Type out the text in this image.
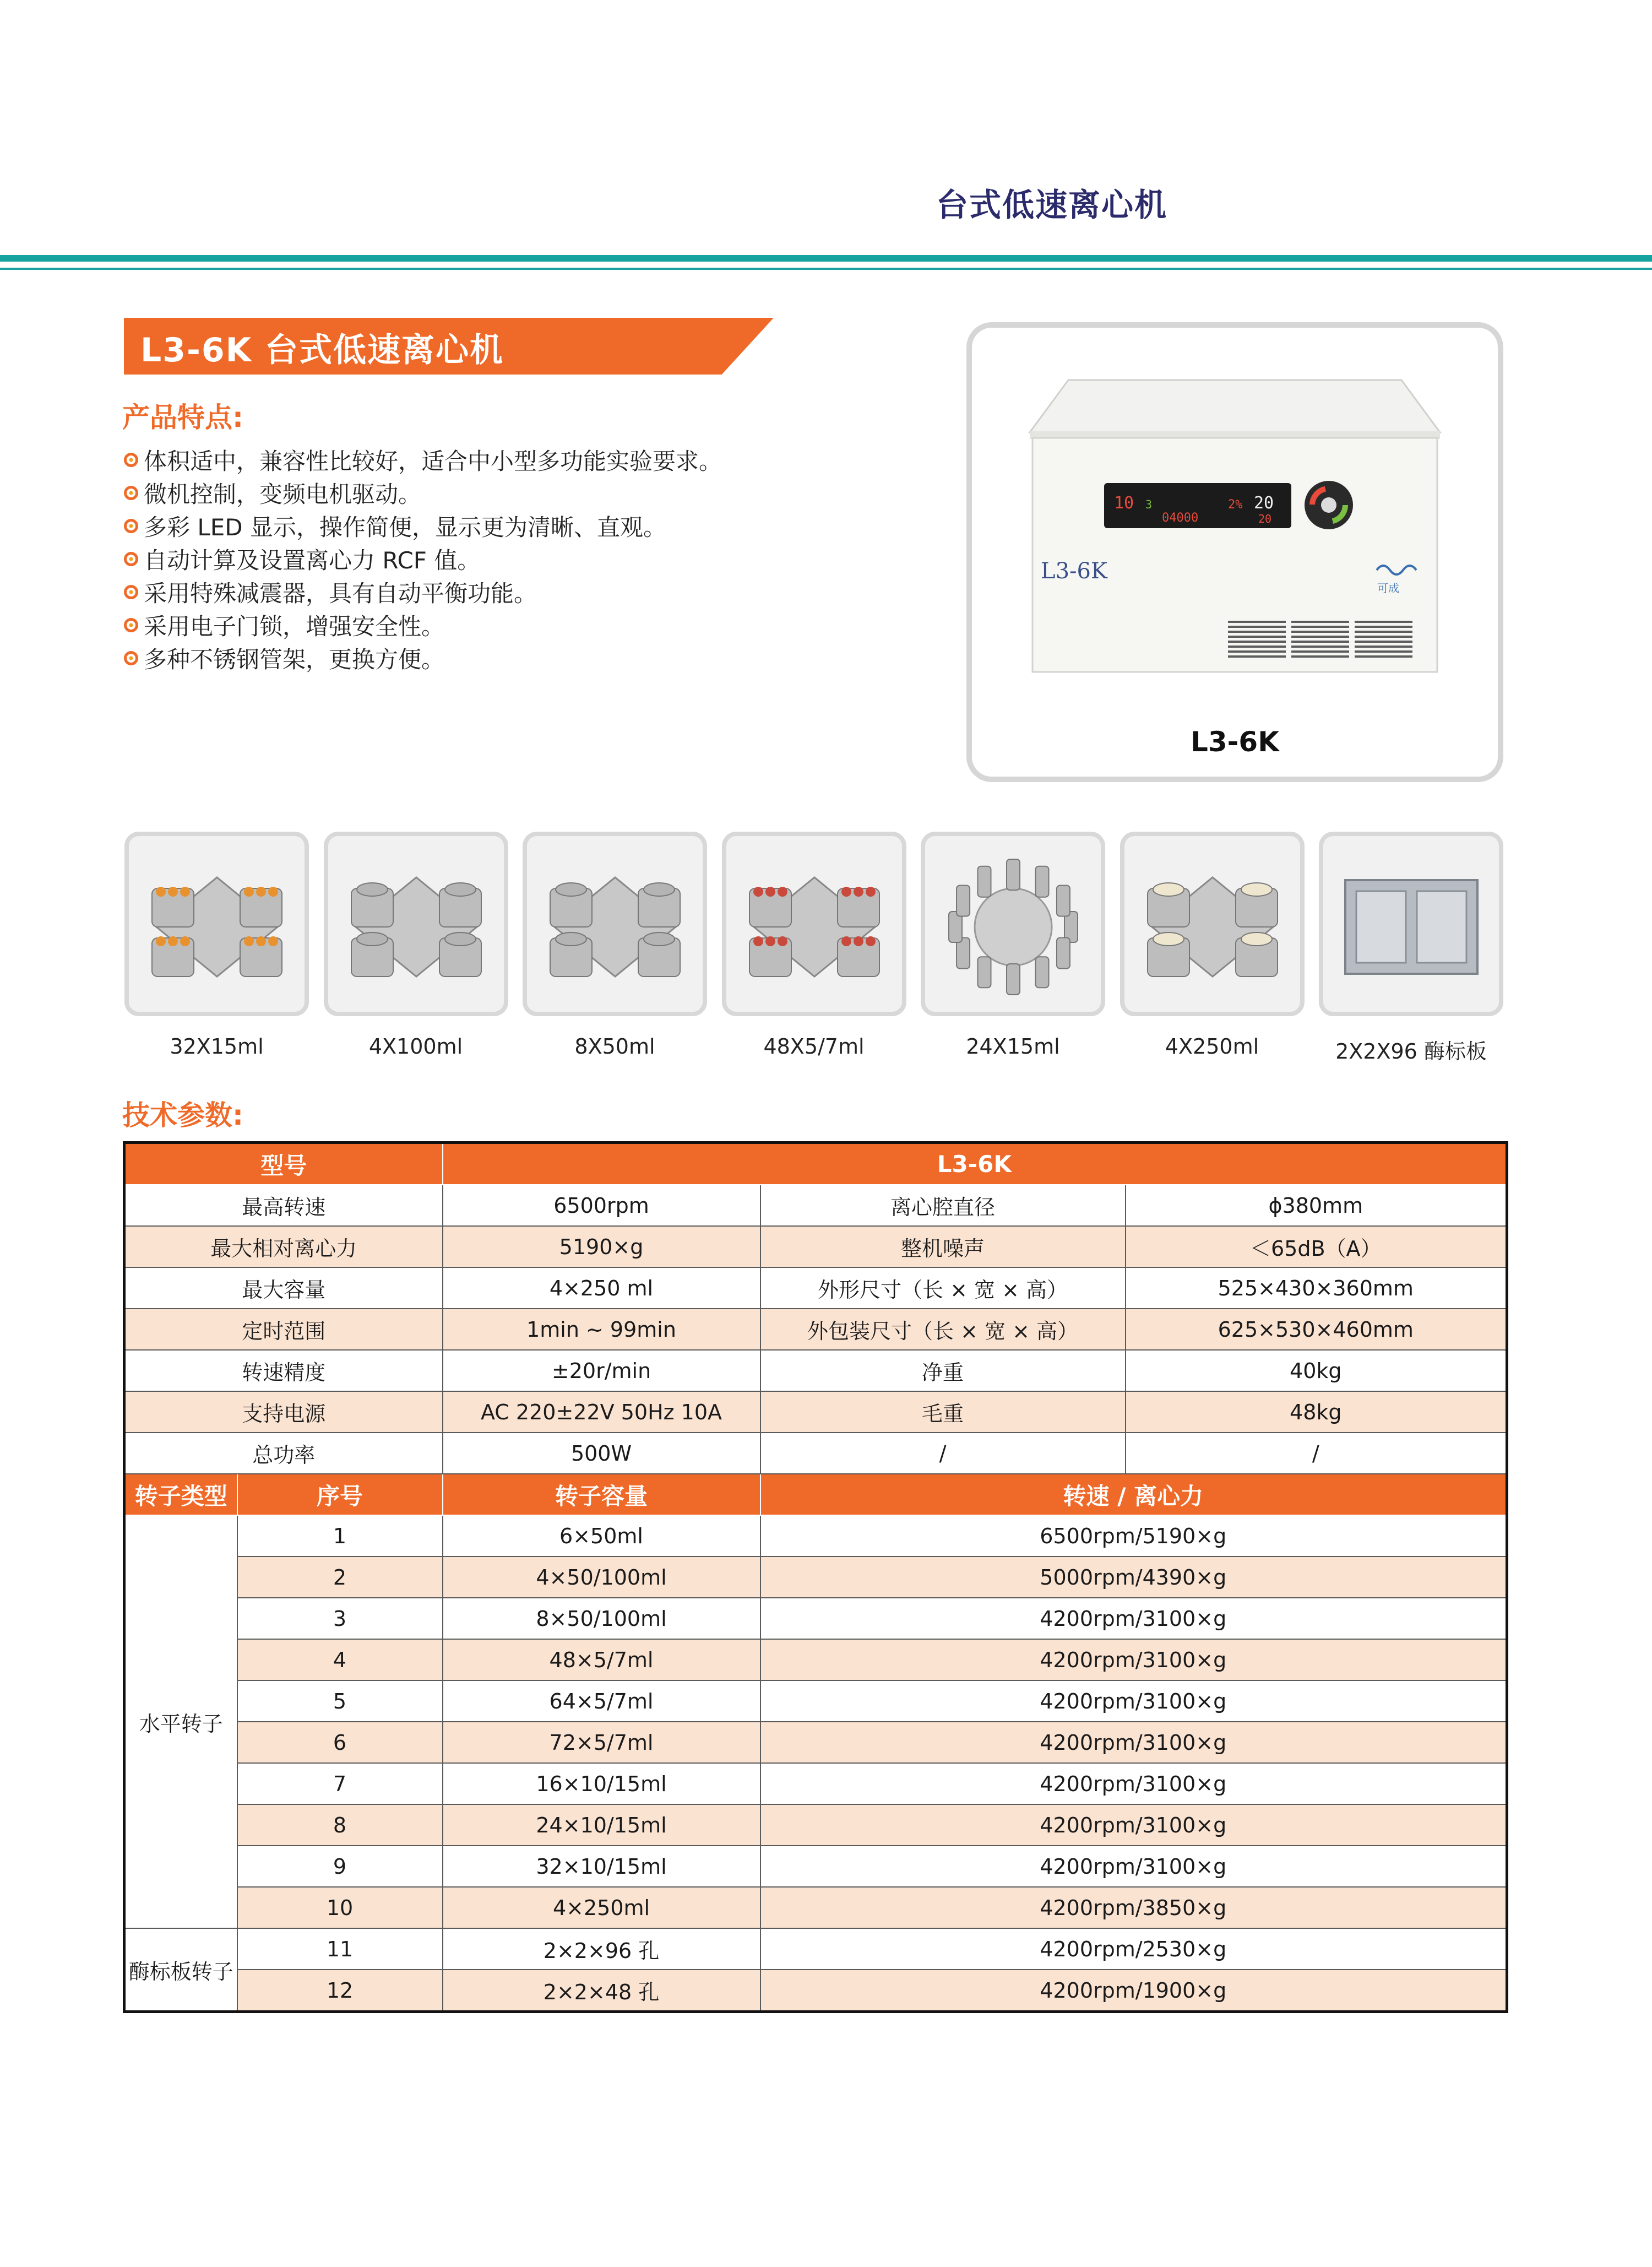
台式低速离心机
L3-6K 台式低速离心机
产品特点:
体积适中，兼容性比较好，适合中小型多功能实验要求。
微机控制，变频电机驱动。
多彩 LED 显示，操作简便，显示更为清晰、直观。
自动计算及设置离心力 RCF 值。
采用特殊减震器，具有自动平衡功能。
采用电子门锁，增强安全性。
多种不锈钢管架，更换方便。
10 3
04000
2% 20
20
L3-6K
可成
L3-6K
32X15ml	4X100ml	8X50ml	48X5/7ml	24X15ml	4X250ml	2X2X96 酶标板
技术参数:
型号		L3-6K		
最高转速		6500rpm	离心腔直径	ϕ380mm
最大相对离心力		5190×g	整机噪声	＜65dB（A）
最大容量		4×250 ml	外形尺寸（长 × 宽 × 高）	525×430×360mm
定时范围		1min ~ 99min	外包装尺寸（长 × 宽 × 高）	625×530×460mm
转速精度		±20r/min	净重	40kg
支持电源		AC 220±22V 50Hz 10A	毛重	48kg
总功率		500W	/	/
转子类型	序号	转子容量	转速 / 离心力	
水平转子	1	6×50ml	6500rpm/5190×g	
	2	4×50/100ml	5000rpm/4390×g	
	3	8×50/100ml	4200rpm/3100×g	
	4	48×5/7ml	4200rpm/3100×g	
	5	64×5/7ml	4200rpm/3100×g	
	6	72×5/7ml	4200rpm/3100×g	
	7	16×10/15ml	4200rpm/3100×g	
	8	24×10/15ml	4200rpm/3100×g	
	9	32×10/15ml	4200rpm/3100×g	
	10	4×250ml	4200rpm/3850×g	
酶标板转子	11	2×2×96 孔	4200rpm/2530×g	
	12	2×2×48 孔	4200rpm/1900×g	
